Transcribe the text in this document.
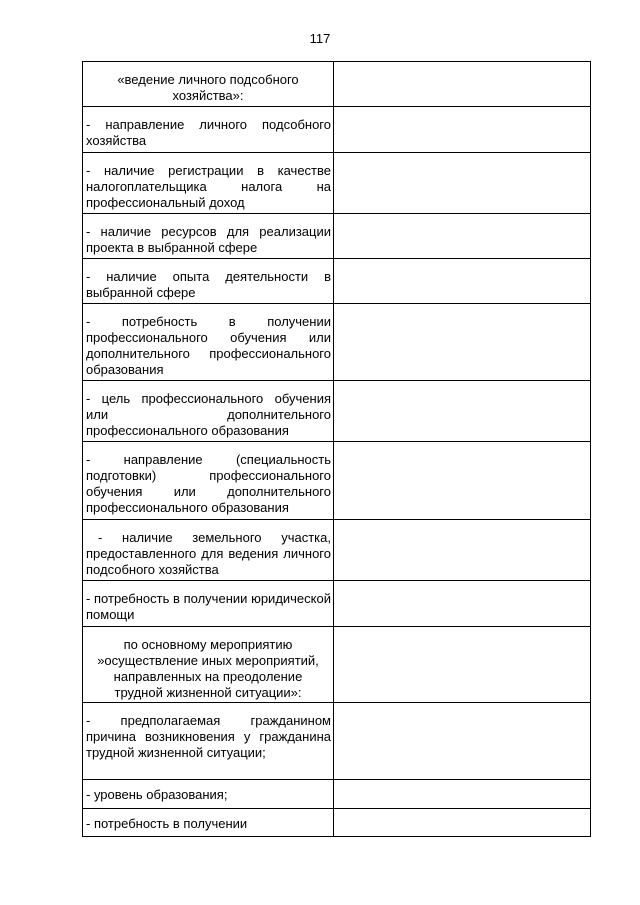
117

«ведение личного подсобного хозяйства»:	

- направление личного подсобного хозяйства	

- наличие регистрации в качестве налогоплательщика налога на профессиональный доход	

- наличие ресурсов для реализации проекта в выбранной сфере	

- наличие опыта деятельности в выбранной сфере	

- потребность в получении профессионального обучения или дополнительного профессионального образования	

- цель профессионального обучения или дополнительного профессионального образования	

- направление (специальность подготовки) профессионального обучения или дополнительного профессионального образования	

- наличие земельного участка, предоставленного для ведения личного подсобного хозяйства	

- потребность в получении юридической помощи	

по основному мероприятию »осуществление иных мероприятий, направленных на преодоление трудной жизненной ситуации»:	

- предполагаемая гражданином причина возникновения у гражданина трудной жизненной ситуации;	

- уровень образования;	

- потребность в получении	
